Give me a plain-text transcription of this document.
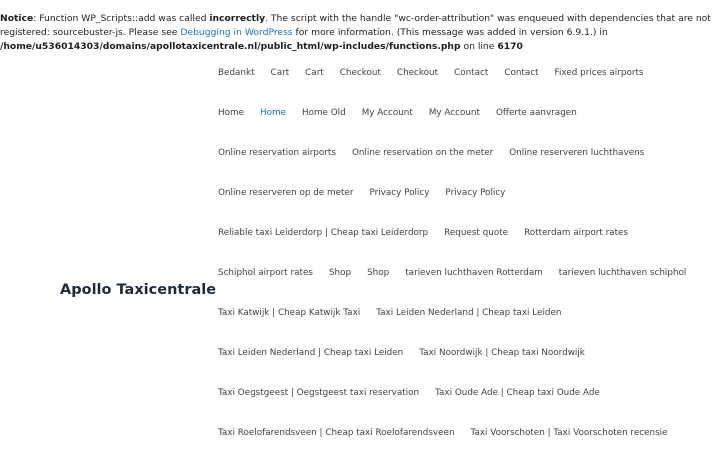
Notice: Function WP_Scripts::add was called incorrectly. The script with the handle "wc-order-attribution" was enqueued with dependencies that are not registered: sourcebuster-js. Please see Debugging in WordPress for more information. (This message was added in version 6.9.1.) in
/home/u536014303/domains/apollotaxicentrale.nl/public_html/wp-includes/functions.php on line 6170
Apollo Taxicentrale
Bedankt Cart Cart Checkout Checkout Contact Contact Fixed prices airports
Home Home Home Old My Account My Account Offerte aanvragen
Online reservation airports Online reservation on the meter Online reserveren luchthavens
Online reserveren op de meter Privacy Policy Privacy Policy
Reliable taxi Leiderdorp | Cheap taxi Leiderdorp Request quote Rotterdam airport rates
Schiphol airport rates Shop Shop tarieven luchthaven Rotterdam tarieven luchthaven schiphol
Taxi Katwijk | Cheap Katwijk Taxi Taxi Leiden Nederland | Cheap taxi Leiden
Taxi Leiden Nederland | Cheap taxi Leiden Taxi Noordwijk | Cheap taxi Noordwijk
Taxi Oegstgeest | Oegstgeest taxi reservation Taxi Oude Ade | Cheap taxi Oude Ade
Taxi Roelofarendsveen | Cheap taxi Roelofarendsveen Taxi Voorschoten | Taxi Voorschoten recensie
